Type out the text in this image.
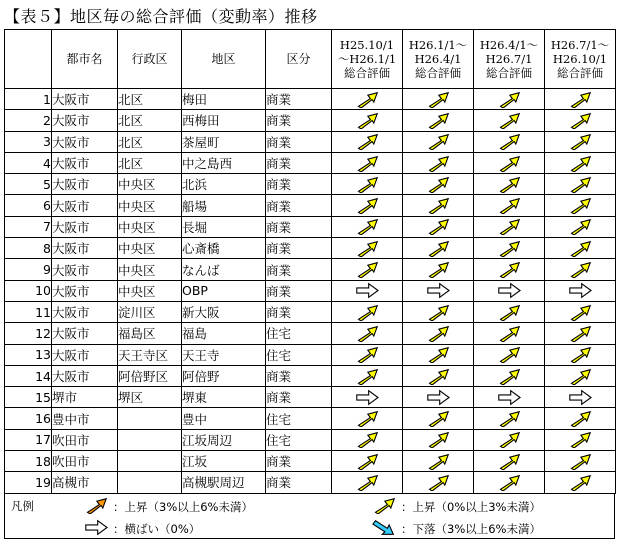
【表５】地区毎の総合評価（変動率）推移
	都市名	行政区	地区	区分	H25.10/1
～H26.1/1
総合評価	H26.1/1～
H26.4/1
総合評価	H26.4/1～
H26.7/1
総合評価	H26.7/1～
H26.10/1
総合評価
1	大阪市	北区	梅田	商業	

2	大阪市	北区	西梅田	商業	

3	大阪市	北区	茶屋町	商業	

4	大阪市	北区	中之島西	商業	

5	大阪市	中央区	北浜	商業	

6	大阪市	中央区	船場	商業	

7	大阪市	中央区	長堀	商業	

8	大阪市	中央区	心斎橋	商業	

9	大阪市	中央区	なんば	商業	

10	大阪市	中央区	OBP	商業	

11	大阪市	淀川区	新大阪	商業	

12	大阪市	福島区	福島	住宅	

13	大阪市	天王寺区	天王寺	住宅	

14	大阪市	阿倍野区	阿倍野	商業	

15	堺市	堺区	堺東	商業	

16	豊中市		豊中	住宅	

17	吹田市		江坂周辺	住宅	

18	吹田市		江坂	商業	

19	高槻市		高槻駅周辺	商業	

凡例	：上昇（3%以上6%未満）	：上昇（0%以上3%未満）
：横ばい（0%）	：下落（3%以上6%未満）
